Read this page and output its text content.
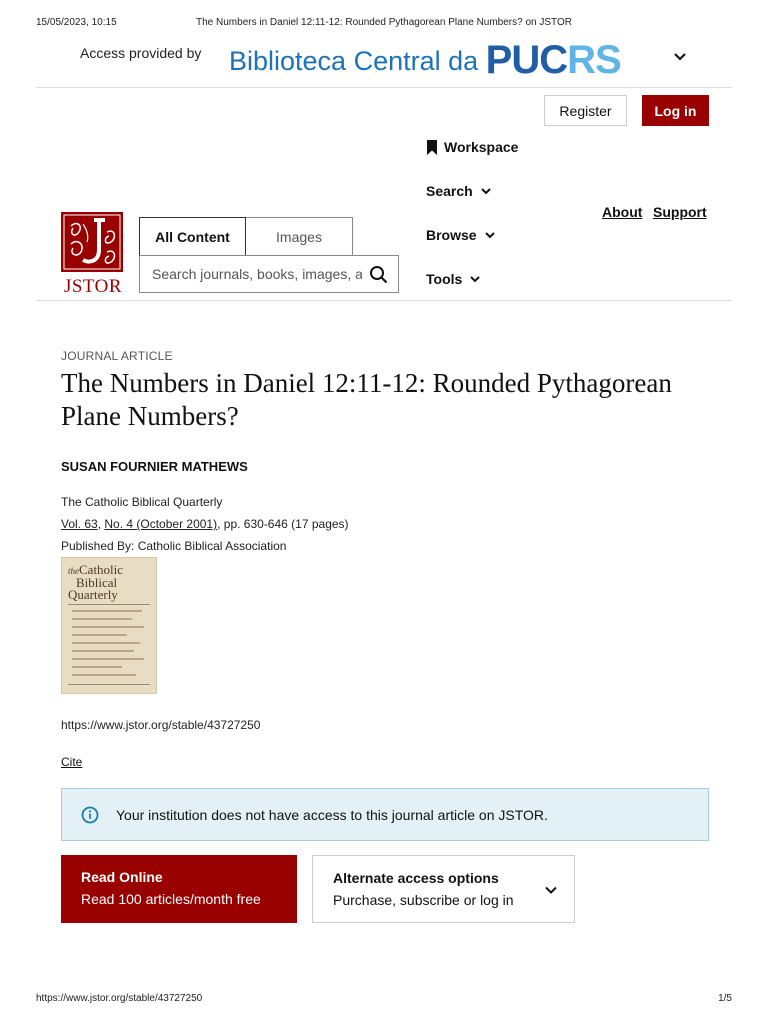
15/05/2023, 10:15	The Numbers in Daniel 12:11-12: Rounded Pythagorean Plane Numbers? on JSTOR
Access provided by Biblioteca Central da PUCRS
Register	Log in
Workspace
Search
Browse
Tools
About Support
JSTOR
All Content	Images
Search journals, books, images, and primary sources
JOURNAL ARTICLE
The Numbers in Daniel 12:11-12: Rounded Pythagorean Plane Numbers?
SUSAN FOURNIER MATHEWS
The Catholic Biblical Quarterly
Vol. 63, No. 4 (October 2001), pp. 630-646 (17 pages)
Published By: Catholic Biblical Association
theCatholic
Biblical
Quarterly
https://www.jstor.org/stable/43727250
Cite
Your institution does not have access to this journal article on JSTOR.
Read Online
Read 100 articles/month free
Alternate access options
Purchase, subscribe or log in
https://www.jstor.org/stable/43727250	1/5
